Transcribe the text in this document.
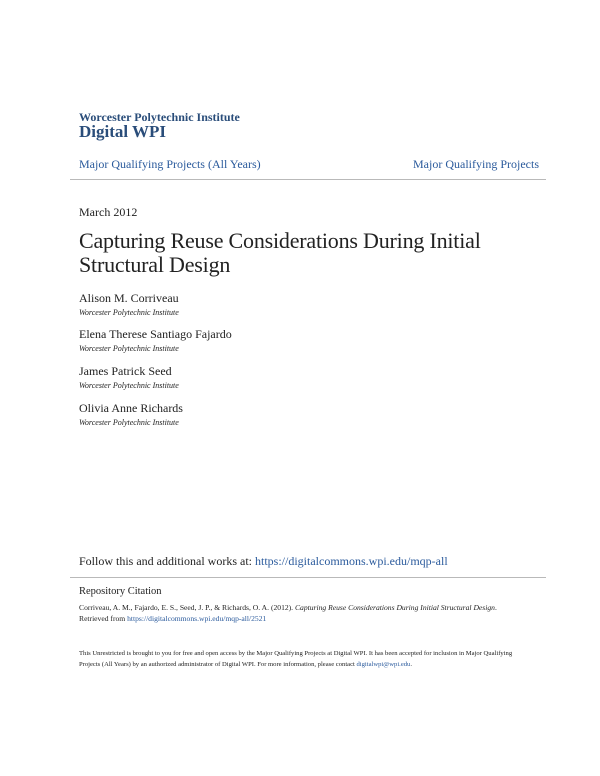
Worcester Polytechnic Institute
Digital WPI
Major Qualifying Projects (All Years)	Major Qualifying Projects
March 2012
Capturing Reuse Considerations During Initial Structural Design
Alison M. Corriveau
Worcester Polytechnic Institute
Elena Therese Santiago Fajardo
Worcester Polytechnic Institute
James Patrick Seed
Worcester Polytechnic Institute
Olivia Anne Richards
Worcester Polytechnic Institute
Follow this and additional works at: https://digitalcommons.wpi.edu/mqp-all
Repository Citation
Corriveau, A. M., Fajardo, E. S., Seed, J. P., & Richards, O. A. (2012). Capturing Reuse Considerations During Initial Structural Design.
Retrieved from https://digitalcommons.wpi.edu/mqp-all/2521
This Unrestricted is brought to you for free and open access by the Major Qualifying Projects at Digital WPI. It has been accepted for inclusion in Major Qualifying Projects (All Years) by an authorized administrator of Digital WPI. For more information, please contact digitalwpi@wpi.edu.
